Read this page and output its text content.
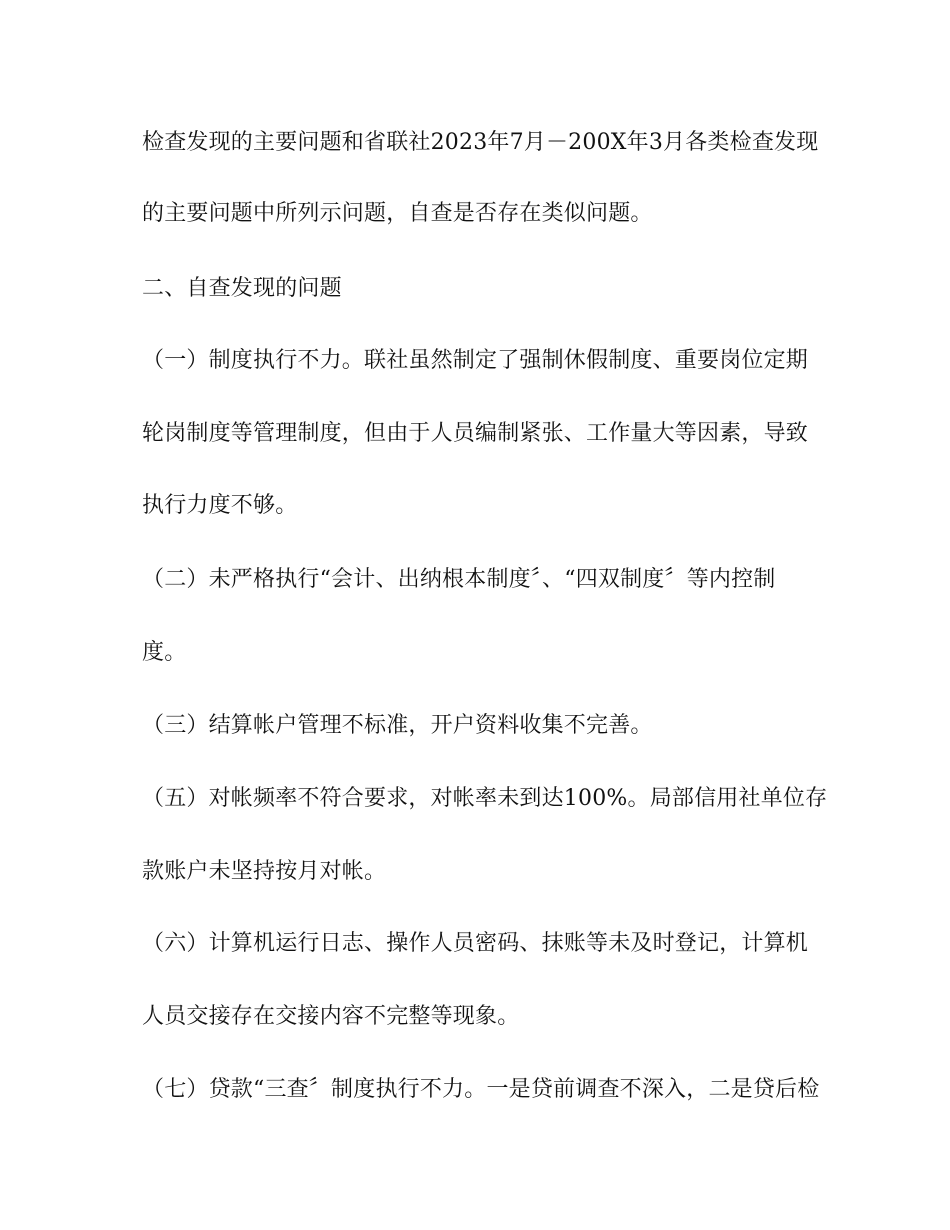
检查发现的主要问题和省联社2023年7月－200X年3月各类检查发现
的主要问题中所列示问题，自查是否存在类似问题。
二、自查发现的问题
（一）制度执行不力。联社虽然制定了强制休假制度、重要岗位定期
轮岗制度等管理制度，但由于人员编制紧张、工作量大等因素，导致
执行力度不够。
（二）未严格执行“会计、出纳根本制度〞、“四双制度〞等内控制
度。
（三）结算帐户管理不标准，开户资料收集不完善。
（五）对帐频率不符合要求，对帐率未到达100%。局部信用社单位存
款账户未坚持按月对帐。
（六）计算机运行日志、操作人员密码、抹账等未及时登记，计算机
人员交接存在交接内容不完整等现象。
（七）贷款“三查〞制度执行不力。一是贷前调查不深入，二是贷后检
